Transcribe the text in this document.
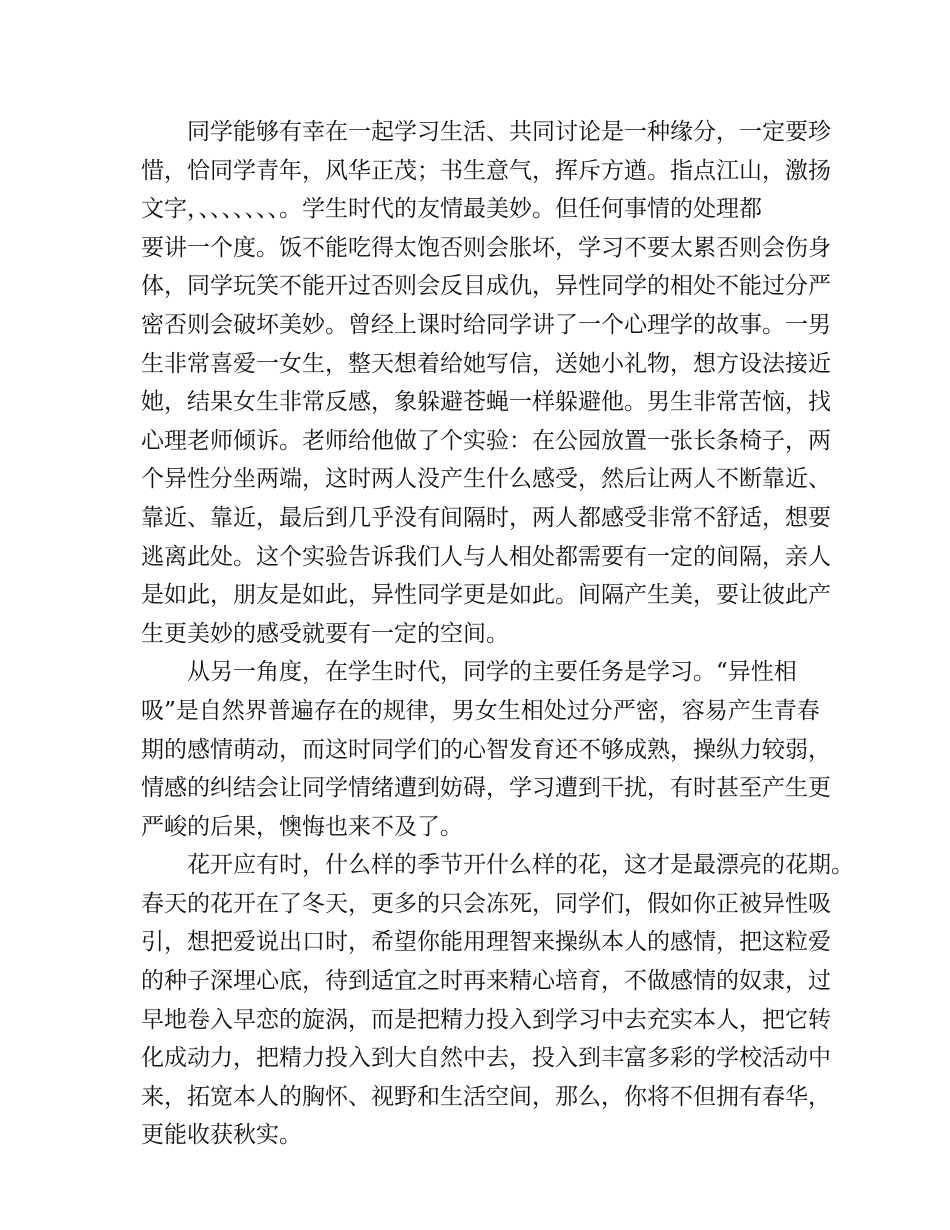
同学能够有幸在一起学习生活、共同讨论是一种缘分，一定要珍
惜，恰同学青年，风华正茂；书生意气，挥斥方遒。指点江山，激扬
文字，、、、、、、、。学生时代的友情最美妙。但任何事情的处理都
要讲一个度。饭不能吃得太饱否则会胀坏，学习不要太累否则会伤身
体，同学玩笑不能开过否则会反目成仇，异性同学的相处不能过分严
密否则会破坏美妙。曾经上课时给同学讲了一个心理学的故事。一男
生非常喜爱一女生，整天想着给她写信，送她小礼物，想方设法接近
她，结果女生非常反感，象躲避苍蝇一样躲避他。男生非常苦恼，找
心理老师倾诉。老师给他做了个实验：在公园放置一张长条椅子，两
个异性分坐两端，这时两人没产生什么感受，然后让两人不断靠近、
靠近、靠近，最后到几乎没有间隔时，两人都感受非常不舒适，想要
逃离此处。这个实验告诉我们人与人相处都需要有一定的间隔，亲人
是如此，朋友是如此，异性同学更是如此。间隔产生美，要让彼此产
生更美妙的感受就要有一定的空间。
从另一角度，在学生时代，同学的主要任务是学习。“异性相
吸”是自然界普遍存在的规律，男女生相处过分严密，容易产生青春
期的感情萌动，而这时同学们的心智发育还不够成熟，操纵力较弱，
情感的纠结会让同学情绪遭到妨碍，学习遭到干扰，有时甚至产生更
严峻的后果，懊悔也来不及了。
花开应有时，什么样的季节开什么样的花，这才是最漂亮的花期。
春天的花开在了冬天，更多的只会冻死，同学们，假如你正被异性吸
引，想把爱说出口时，希望你能用理智来操纵本人的感情，把这粒爱
的种子深埋心底，待到适宜之时再来精心培育，不做感情的奴隶，过
早地卷入早恋的旋涡，而是把精力投入到学习中去充实本人，把它转
化成动力，把精力投入到大自然中去，投入到丰富多彩的学校活动中
来，拓宽本人的胸怀、视野和生活空间，那么，你将不但拥有春华，
更能收获秋实。
